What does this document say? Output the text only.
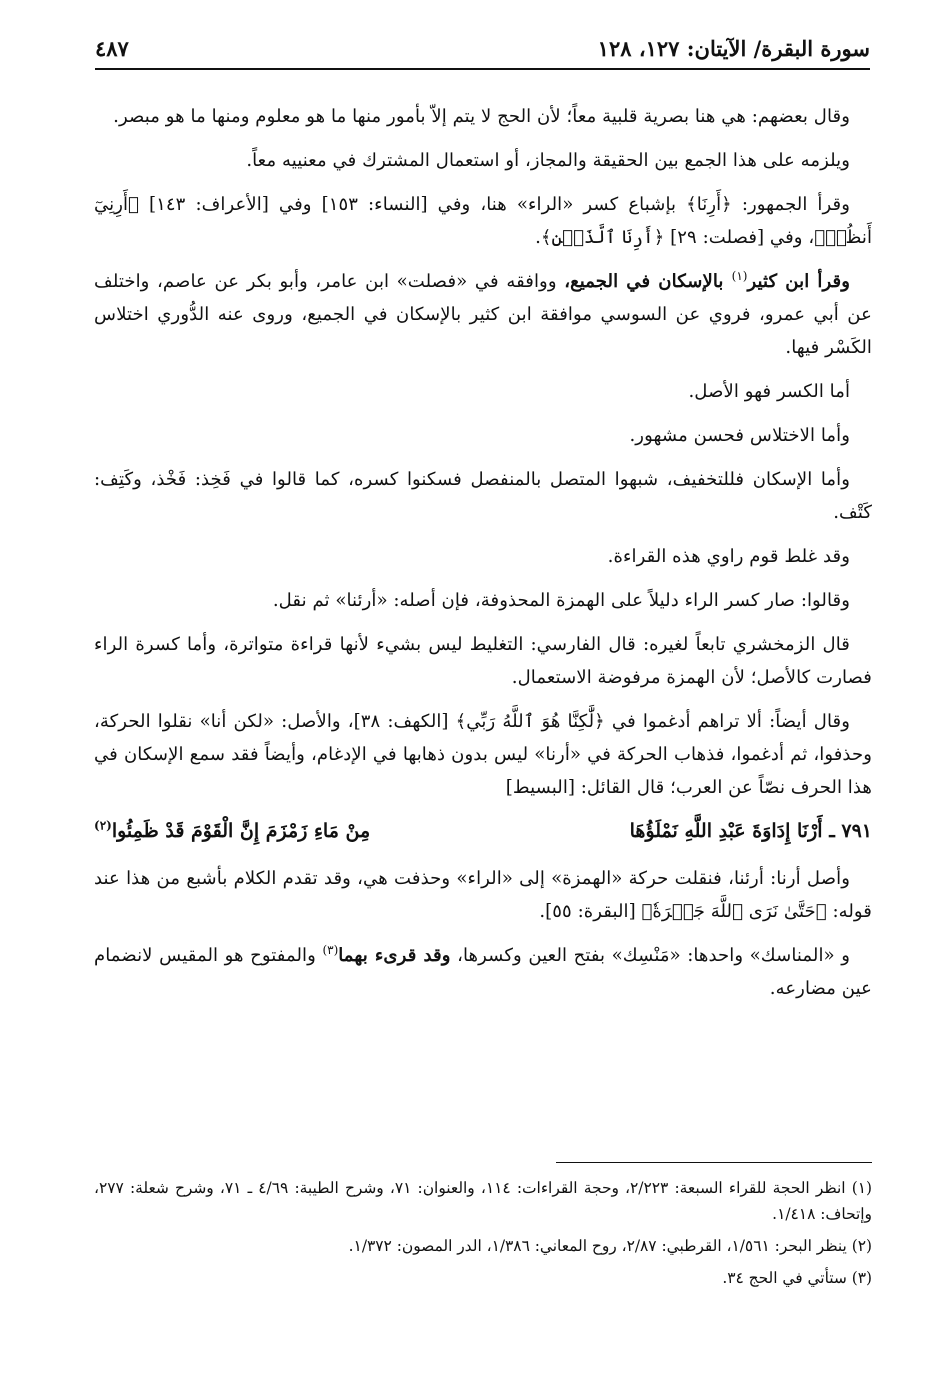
سورة البقرة/ الآيتان: ١٢٧، ١٢٨
٤٨٧

وقال بعضهم: هي هنا بصرية قلبية معاً؛ لأن الحج لا يتم إلاّ بأمور منها ما هو معلوم ومنها ما هو مبصر.

ويلزمه على هذا الجمع بين الحقيقة والمجاز، أو استعمال المشترك في معنييه معاً.

وقرأ الجمهور: ﴿أَرِنَا﴾ بإشباع كسر «الراء» هنا، وفي [النساء: ١٥٣] وفي [الأعراف: ١٤٣] ﴿أَرِنِيٓ أَنظُرۡ﴾، وفي [فصلت: ٢٩] ﴿أَرِنَا ٱلَّذَيۡنِ﴾.

وقرأ ابن كثير$^{(١)}$ بالإسكان في الجميع، ووافقه في «فصلت» ابن عامر، وأبو بكر عن عاصم، واختلف عن أبي عمرو، فروي عن السوسي موافقة ابن كثير بالإسكان في الجميع، وروى عنه الدُّوري اختلاس الكَسْر فيها.

أما الكسر فهو الأصل.

وأما الاختلاس فحسن مشهور.

وأما الإسكان فللتخفيف، شبهوا المتصل بالمنفصل فسكنوا كسره، كما قالوا في فَخِذ: فَخْذ، وكَتِف: كَتْف.

وقد غلط قوم راوي هذه القراءة.

وقالوا: صار كسر الراء دليلاً على الهمزة المحذوفة، فإن أصله: «أرئنا» ثم نقل.

قال الزمخشري تابعاً لغيره: قال الفارسي: التغليط ليس بشيء لأنها قراءة متواترة، وأما كسرة الراء فصارت كالأصل؛ لأن الهمزة مرفوضة الاستعمال.

وقال أيضاً: ألا تراهم أدغموا في ﴿لَّٰكِنَّا هُوَ ٱللَّهُ رَبِّي﴾ [الكهف: ٣٨]، والأصل: «لكن أنا» نقلوا الحركة، وحذفوا، ثم أدغموا، فذهاب الحركة في «أرنا» ليس بدون ذهابها في الإدغام، وأيضاً فقد سمع الإسكان في هذا الحرف نصّاً عن العرب؛ قال القائل: [البسيط]

٧٩١ ـ أَرْنَا إِدَاوَةَ عَبْدِ اللَّهِ نَمْلَؤُهَا
مِنْ مَاءِ زَمْزَمَ إِنَّ الْقَوْمَ قَدْ ظَمِئُوا$^{(٢)}$

وأصل أرنا: أرئنا، فنقلت حركة «الهمزة» إلى «الراء» وحذفت هي، وقد تقدم الكلام بأشبع من هذا عند قوله: ﴿حَتَّىٰ نَرَى ٱللَّهَ جَهۡرَةٗ﴾ [البقرة: ٥٥].

و «المناسك» واحدها: «مَنْسِك» بفتح العين وكسرها، وقد قرىء بهما$^{(٣)}$ والمفتوح هو المقيس لانضمام عين مضارعه.

(١) انظر الحجة للقراء السبعة: ٢/٢٢٣، وحجة القراءات: ١١٤، والعنوان: ٧١، وشرح الطيبة: ٤/٦٩ ـ ٧١، وشرح شعلة: ٢٧٧، وإتحاف: ١/٤١٨.

(٢) ينظر البحر: ١/٥٦١، القرطبي: ٢/٨٧، روح المعاني: ١/٣٨٦، الدر المصون: ١/٣٧٢.

(٣) ستأتي في الحج ٣٤.
